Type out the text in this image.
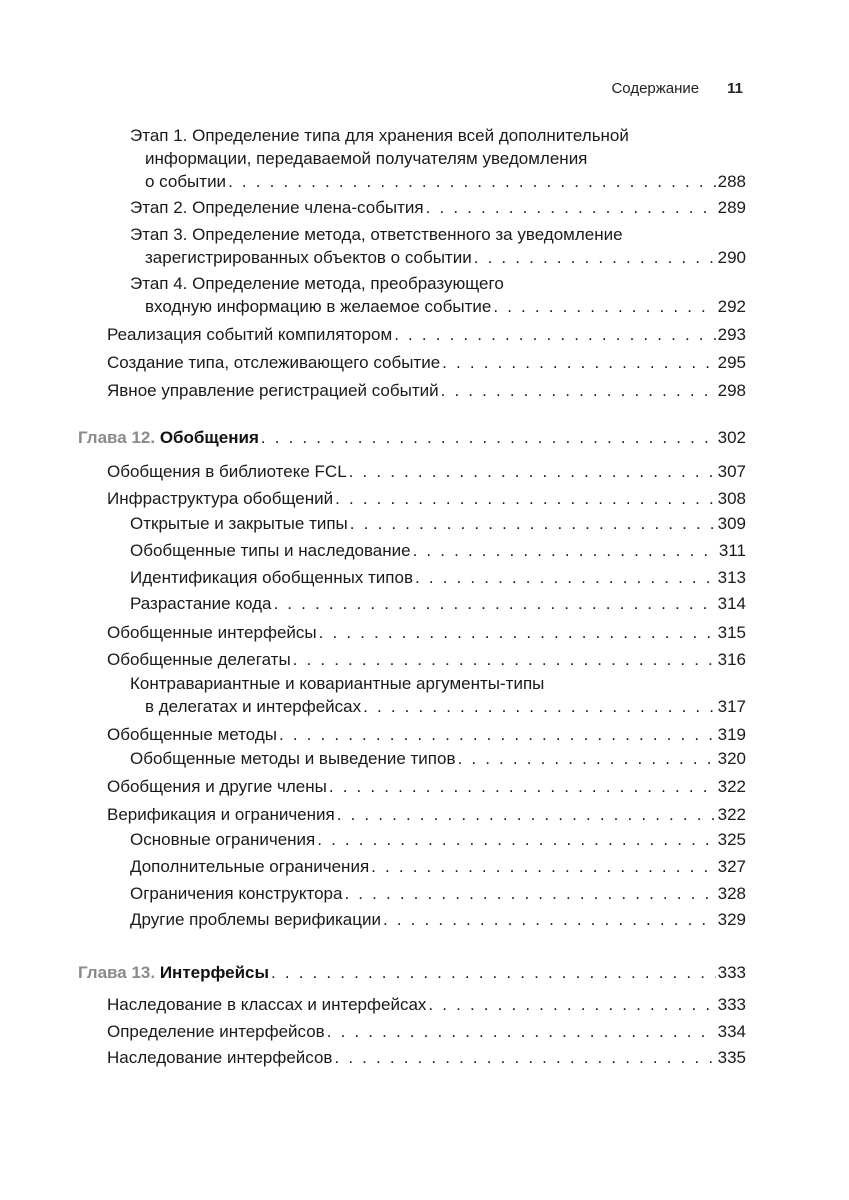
Содержание 11
Этап 1. Определение типа для хранения всей дополнительной
информации, передаваемой получателям уведомления
о событии . . .	288
Этап 2. Определение члена-события . . .	289
Этап 3. Определение метода, ответственного за уведомление
зарегистрированных объектов о событии . . .	290
Этап 4. Определение метода, преобразующего
входную информацию в желаемое событие . . .	292
Реализация событий компилятором . . .	293
Создание типа, отслеживающего событие . . .	295
Явное управление регистрацией событий . . .	298
Глава 12. Обобщения . . .	302
Обобщения в библиотеке FCL . . .	307
Инфраструктура обобщений . . .	308
Открытые и закрытые типы . . .	309
Обобщенные типы и наследование . . .	311
Идентификация обобщенных типов . . .	313
Разрастание кода . . .	314
Обобщенные интерфейсы . . .	315
Обобщенные делегаты . . .	316
Контравариантные и ковариантные аргументы-типы
в делегатах и интерфейсах . . .	317
Обобщенные методы . . .	319
Обобщенные методы и выведение типов . . .	320
Обобщения и другие члены . . .	322
Верификация и ограничения . . .	322
Основные ограничения . . .	325
Дополнительные ограничения . . .	327
Ограничения конструктора . . .	328
Другие проблемы верификации . . .	329
Глава 13. Интерфейсы . . .	333
Наследование в классах и интерфейсах . . .	333
Определение интерфейсов . . .	334
Наследование интерфейсов . . .	335
